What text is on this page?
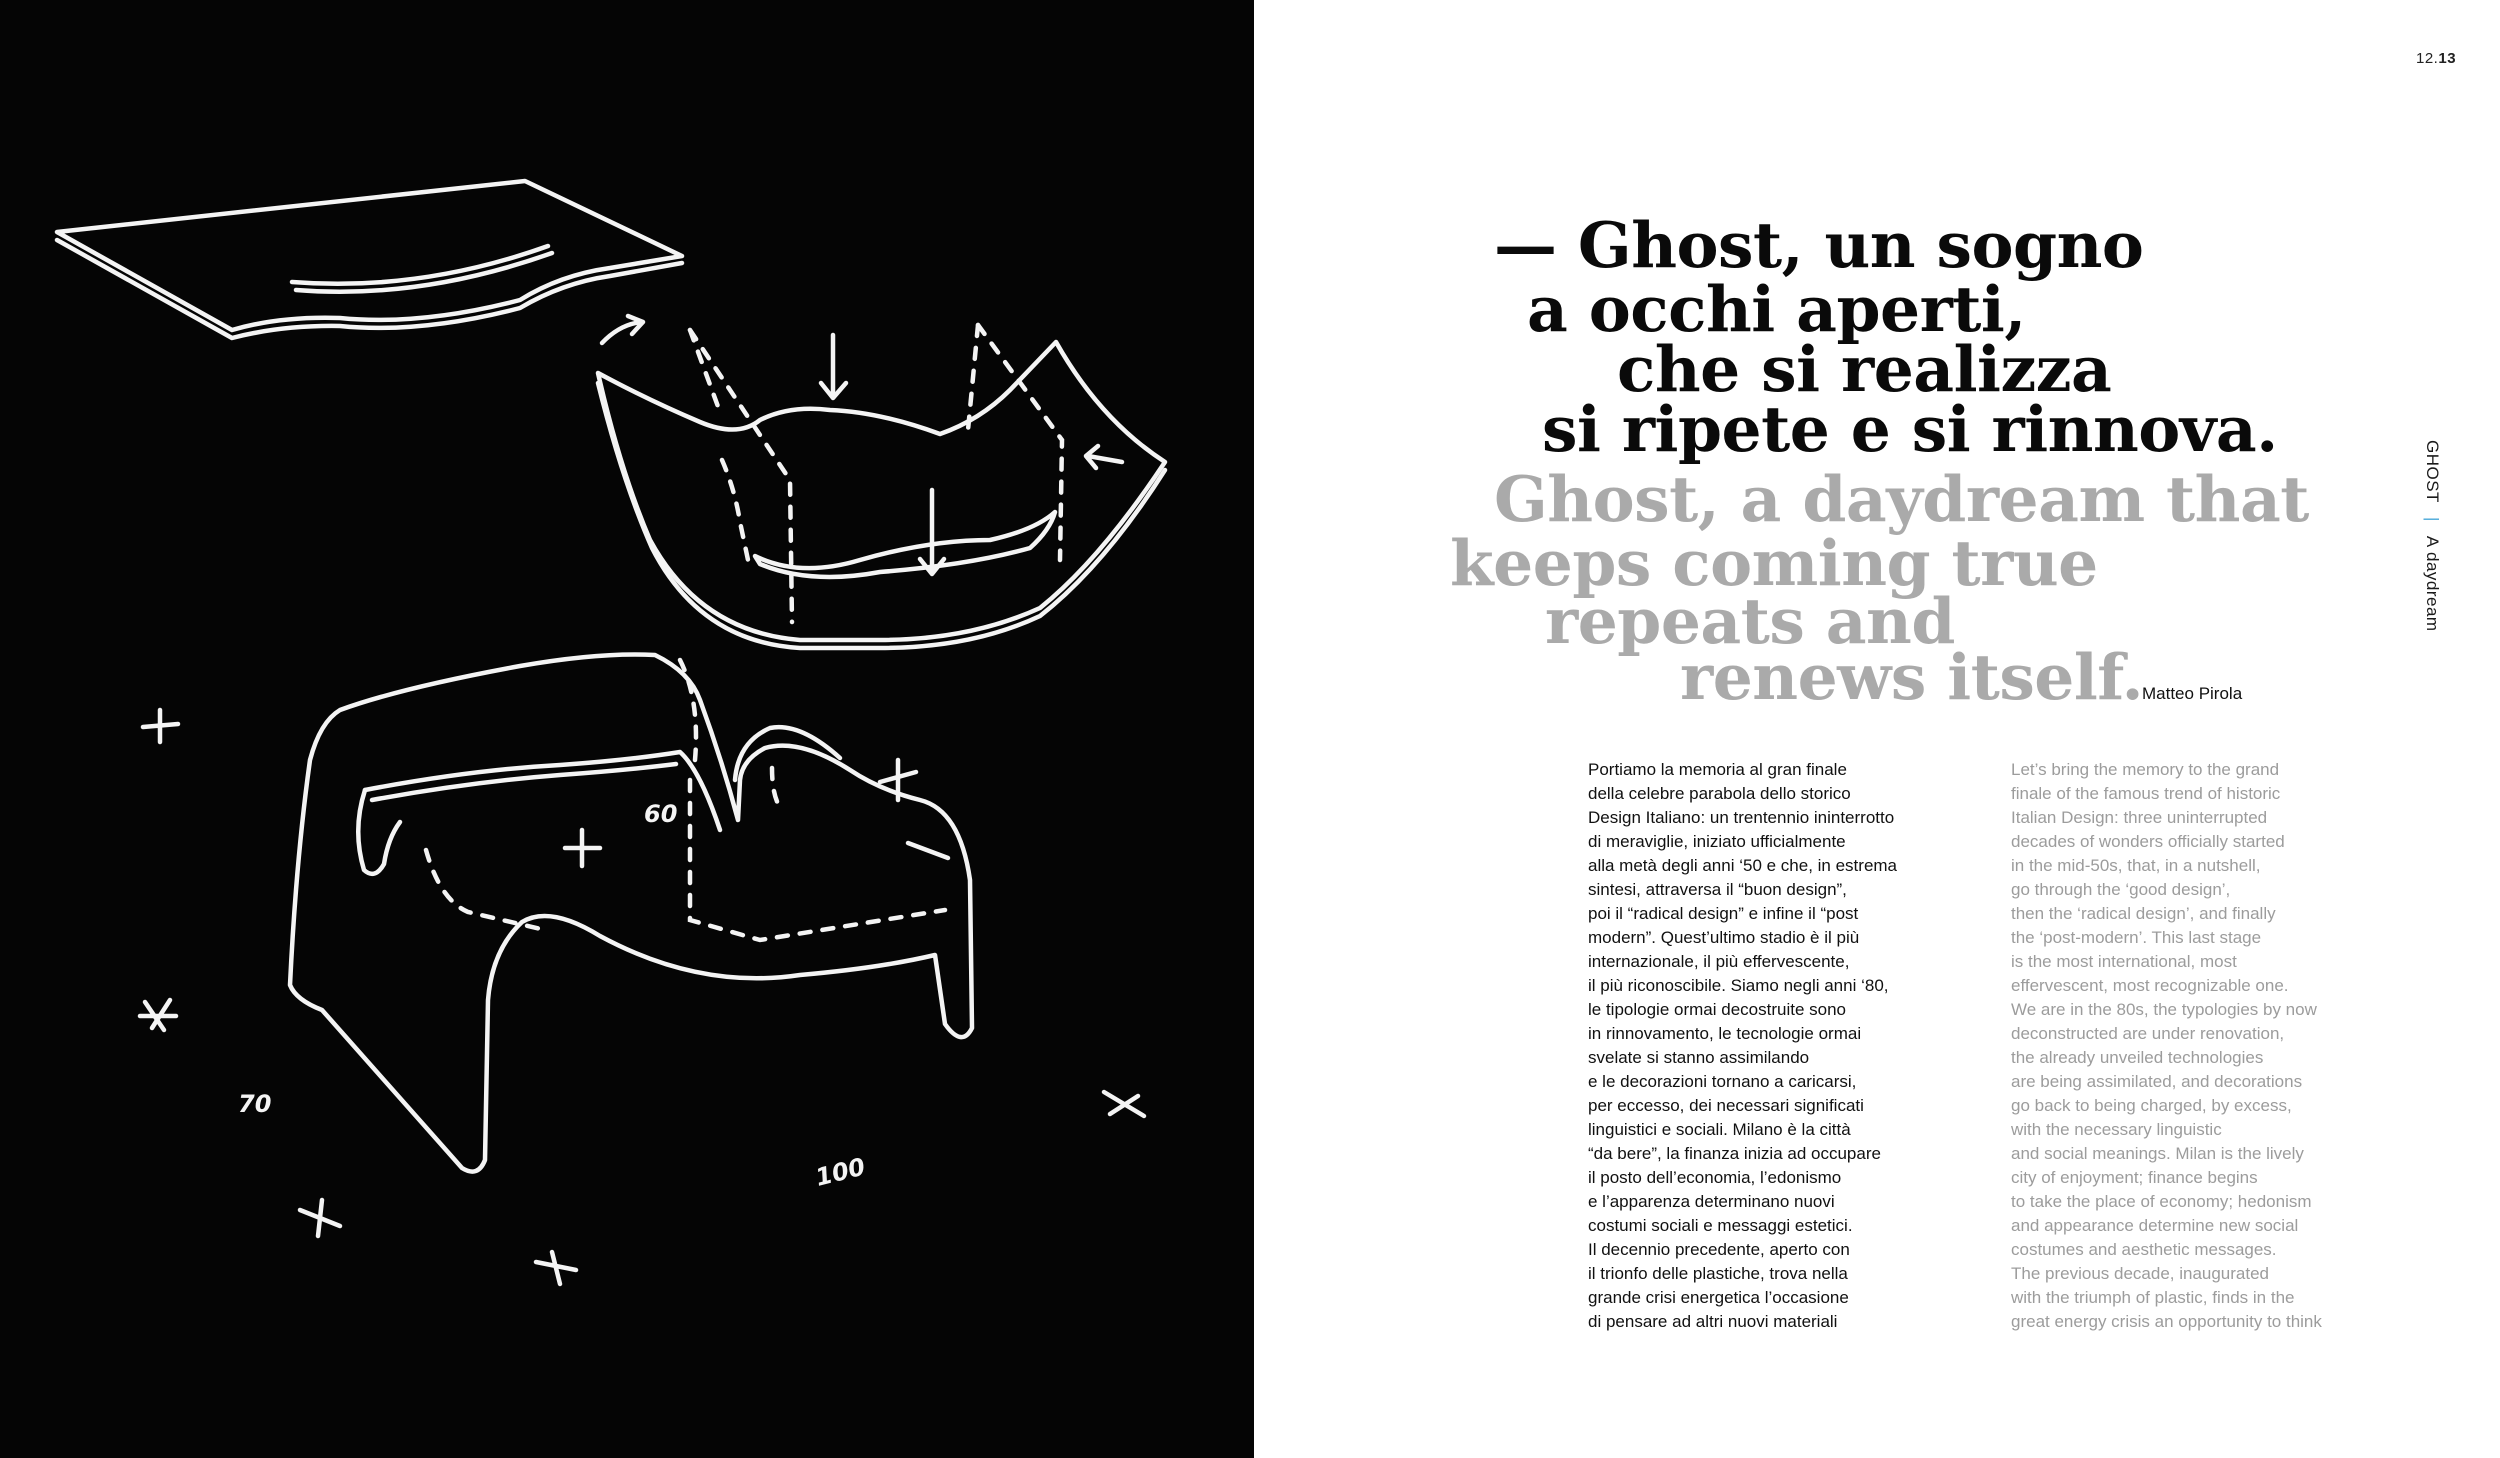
60
70
100
12.13
GHOST|A daydream
— Ghost, un sogno
a occhi aperti,
che si realizza
si ripete e si rinnova.
Ghost, a daydream that
keeps coming true
repeats and
renews itself.
Matteo Pirola
Portiamo la memoria al gran finale
della celebre parabola dello storico
Design Italiano: un trentennio ininterrotto
di meraviglie, iniziato ufficialmente
alla metà degli anni ‘50 e che, in estrema
sintesi, attraversa il “buon design”,
poi il “radical design” e infine il “post
modern”. Quest’ultimo stadio è il più
internazionale, il più effervescente,
il più riconoscibile. Siamo negli anni ‘80,
le tipologie ormai decostruite sono
in rinnovamento, le tecnologie ormai
svelate si stanno assimilando
e le decorazioni tornano a caricarsi,
per eccesso, dei necessari significati
linguistici e sociali. Milano è la città
“da bere”, la finanza inizia ad occupare
il posto dell’economia, l’edonismo
e l’apparenza determinano nuovi
costumi sociali e messaggi estetici.
Il decennio precedente, aperto con
il trionfo delle plastiche, trova nella
grande crisi energetica l’occasione
di pensare ad altri nuovi materiali
Let’s bring the memory to the grand
finale of the famous trend of historic
Italian Design: three uninterrupted
decades of wonders officially started
in the mid-50s, that, in a nutshell,
go through the ‘good design’,
then the ‘radical design’, and finally
the ‘post-modern’. This last stage
is the most international, most
effervescent, most recognizable one.
We are in the 80s, the typologies by now
deconstructed are under renovation,
the already unveiled technologies
are being assimilated, and decorations
go back to being charged, by excess,
with the necessary linguistic
and social meanings. Milan is the lively
city of enjoyment; finance begins
to take the place of economy; hedonism
and appearance determine new social
costumes and aesthetic messages.
The previous decade, inaugurated
with the triumph of plastic, finds in the
great energy crisis an opportunity to think
